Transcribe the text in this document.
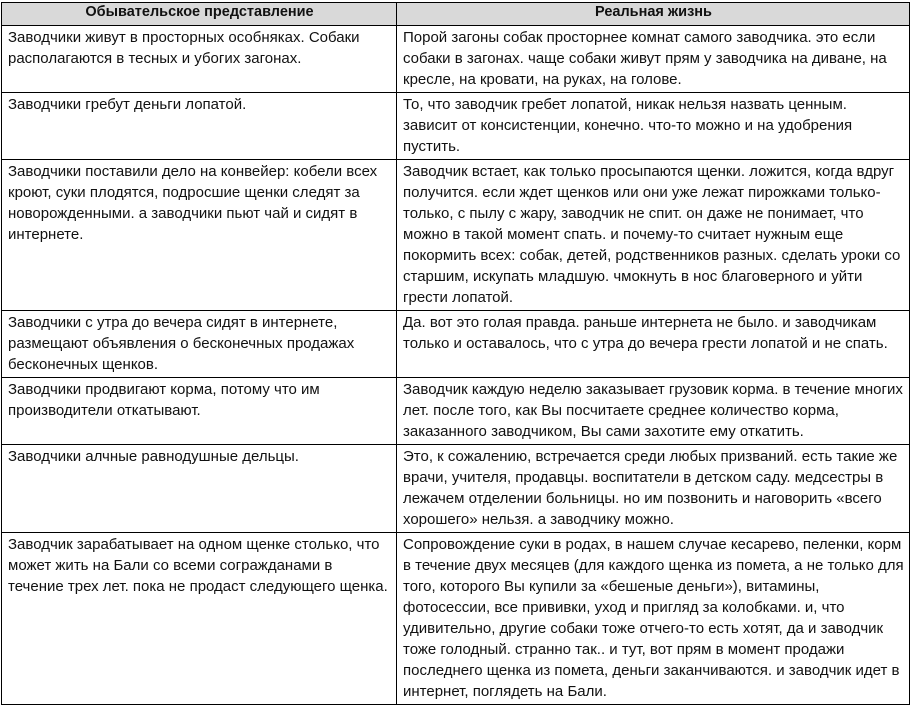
Обывательское представление	Реальная жизнь
Заводчики живут в просторных особняках. Собаки располагаются в тесных и убогих загонах.	Порой загоны собак просторнее комнат самого заводчика. это если собаки в загонах. чаще собаки живут прям у заводчика на диване, на кресле, на кровати, на руках, на голове.
Заводчики гребут деньги лопатой.	То, что заводчик гребет лопатой, никак нельзя назвать ценным. зависит от консистенции, конечно. что-то можно и на удобрения пустить.
Заводчики поставили дело на конвейер: кобели всех кроют, суки плодятся, подросшие щенки следят за новорожденными. а заводчики пьют чай и сидят в интернете.	Заводчик встает, как только просыпаются щенки. ложится, когда вдруг получится. если ждет щенков или они уже лежат пирожками только-только, с пылу с жару, заводчик не спит. он даже не понимает, что можно в такой момент спать. и почему-то считает нужным еще покормить всех: собак, детей, родственников разных. сделать уроки со старшим, искупать младшую. чмокнуть в нос благоверного и уйти грести лопатой.
Заводчики с утра до вечера сидят в интернете, размещают объявления о бесконечных продажах бесконечных щенков.	Да. вот это голая правда. раньше интернета не было. и заводчикам только и оставалось, что с утра до вечера грести лопатой и не спать.
Заводчики продвигают корма, потому что им производители откатывают.	Заводчик каждую неделю заказывает грузовик корма. в течение многих лет. после того, как Вы посчитаете среднее количество корма, заказанного заводчиком, Вы сами захотите ему откатить.
Заводчики алчные равнодушные дельцы.	Это, к сожалению, встречается среди любых призваний. есть такие же врачи, учителя, продавцы. воспитатели в детском саду. медсестры в лежачем отделении больницы. но им позвонить и наговорить «всего хорошего» нельзя. а заводчику можно.
Заводчик зарабатывает на одном щенке столько, что может жить на Бали со всеми согражданами в течение трех лет. пока не продаст следующего щенка.	Сопровождение суки в родах, в нашем случае кесарево, пеленки, корм в течение двух месяцев (для каждого щенка из помета, а не только для того, которого Вы купили за «бешеные деньги»), витамины, фотосессии, все прививки, уход и пригляд за колобками. и, что удивительно, другие собаки тоже отчего-то есть хотят, да и заводчик тоже голодный. странно так.. и тут, вот прям в момент продажи последнего щенка из помета, деньги заканчиваются. и заводчик идет в интернет, поглядеть на Бали.
